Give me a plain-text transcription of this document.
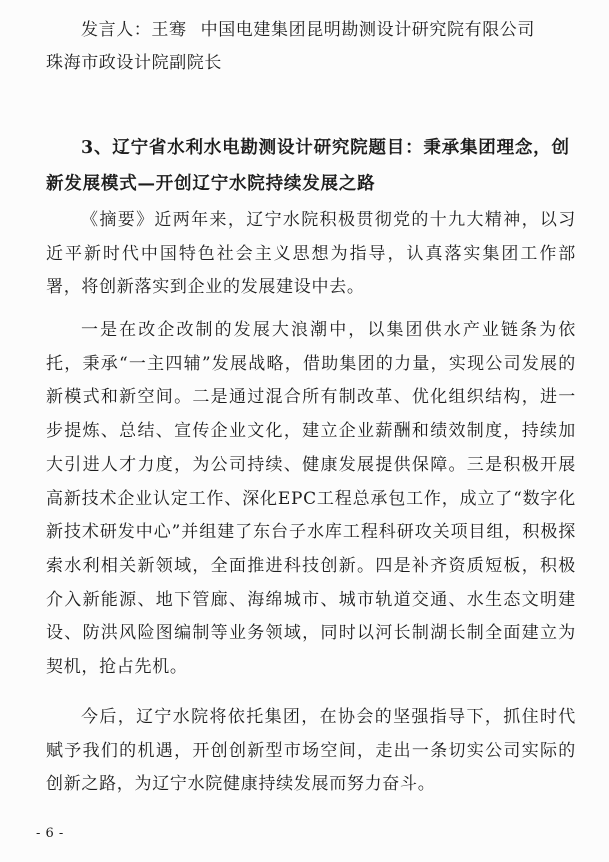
发言人：王骞 中国电建集团昆明勘测设计研究院有限公司
珠海市政设计院副院长
3、辽宁省水利水电勘测设计研究院题目：秉承集团理念，创新发展模式—开创辽宁水院持续发展之路
《摘要》近两年来，辽宁水院积极贯彻党的十九大精神，以习近平新时代中国特色社会主义思想为指导，认真落实集团工作部署，将创新落实到企业的发展建设中去。
一是在改企改制的发展大浪潮中，以集团供水产业链条为依托，秉承“一主四辅”发展战略，借助集团的力量，实现公司发展的新模式和新空间。二是通过混合所有制改革、优化组织结构，进一步提炼、总结、宣传企业文化，建立企业薪酬和绩效制度，持续加大引进人才力度，为公司持续、健康发展提供保障。三是积极开展高新技术企业认定工作、深化EPC工程总承包工作，成立了“数字化新技术研发中心”并组建了东台子水库工程科研攻关项目组，积极探索水利相关新领域，全面推进科技创新。四是补齐资质短板，积极介入新能源、地下管廊、海绵城市、城市轨道交通、水生态文明建设、防洪风险图编制等业务领域，同时以河长制湖长制全面建立为契机，抢占先机。
今后，辽宁水院将依托集团，在协会的坚强指导下，抓住时代赋予我们的机遇，开创创新型市场空间，走出一条切实公司实际的创新之路，为辽宁水院健康持续发展而努力奋斗。
- 6 -
